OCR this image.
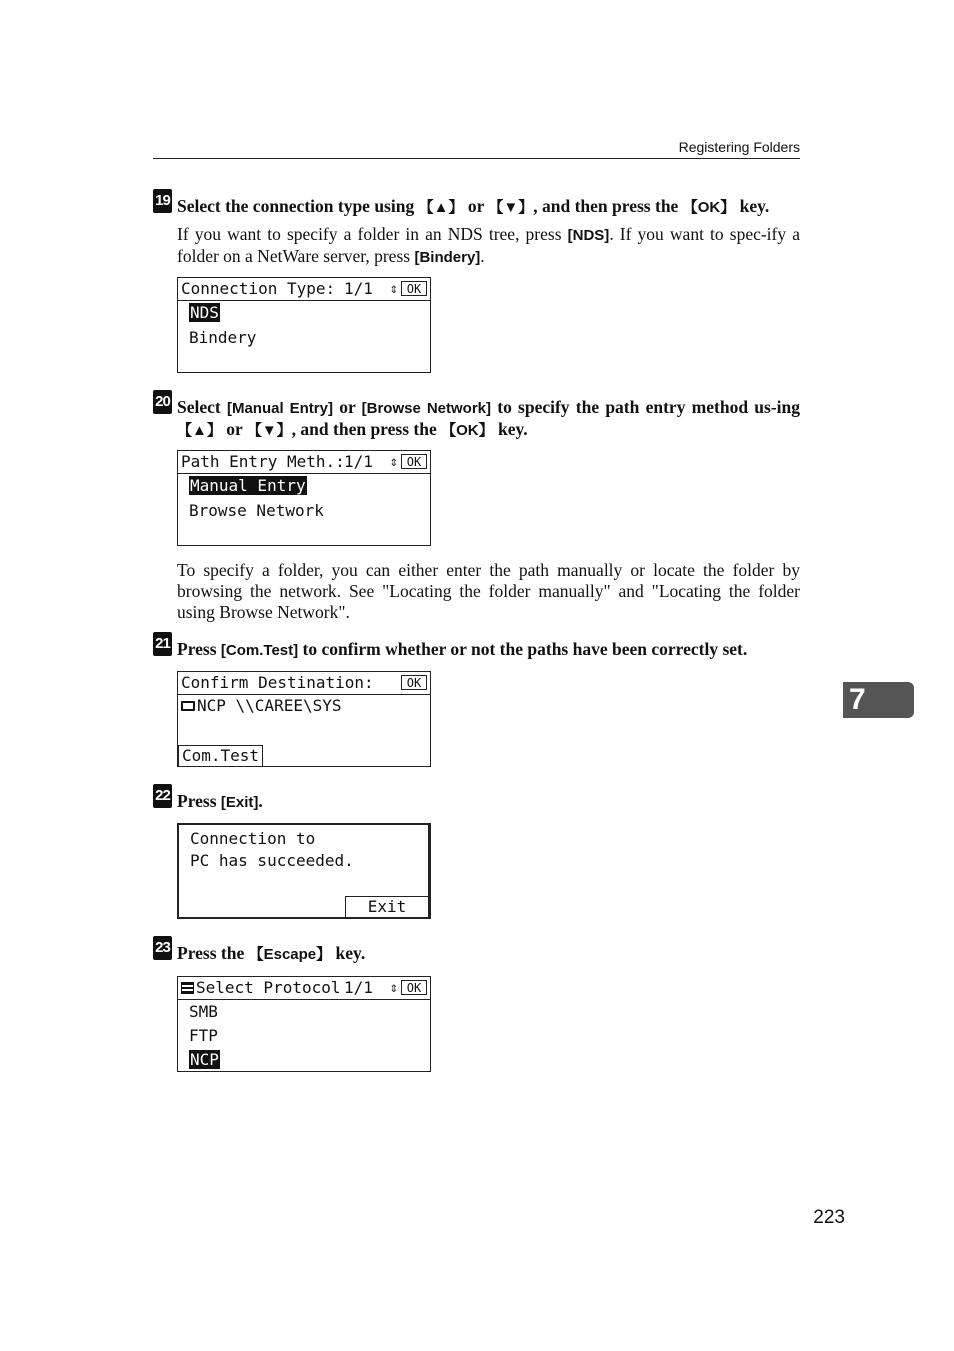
Registering Folders
19 Select the connection type using 【▲】 or 【▼】, and then press the 【OK】 key.
If you want to specify a folder in an NDS tree, press [NDS]. If you want to spec-ify a folder on a NetWare server, press [Bindery].
Connection Type: 1/1 ⇕ OK
NDS
Bindery
20 Select [Manual Entry] or [Browse Network] to specify the path entry method us-ing 【▲】 or 【▼】, and then press the 【OK】 key.
Path Entry Meth.: 1/1 ⇕ OK
Manual Entry
Browse Network
To specify a folder, you can either enter the path manually or locate the folder by browsing the network. See "Locating the folder manually" and "Locating the folder using Browse Network".
21 Press [Com.Test] to confirm whether or not the paths have been correctly set.
Confirm Destination:	OK
NCP \\CAREE\SYS
Com.Test
22 Press [Exit].
Connection to
PC has succeeded.
Exit
23 Press the 【Escape】 key.
Select Protocol 1/1 ⇕ OK
SMB
FTP
NCP
7
223
